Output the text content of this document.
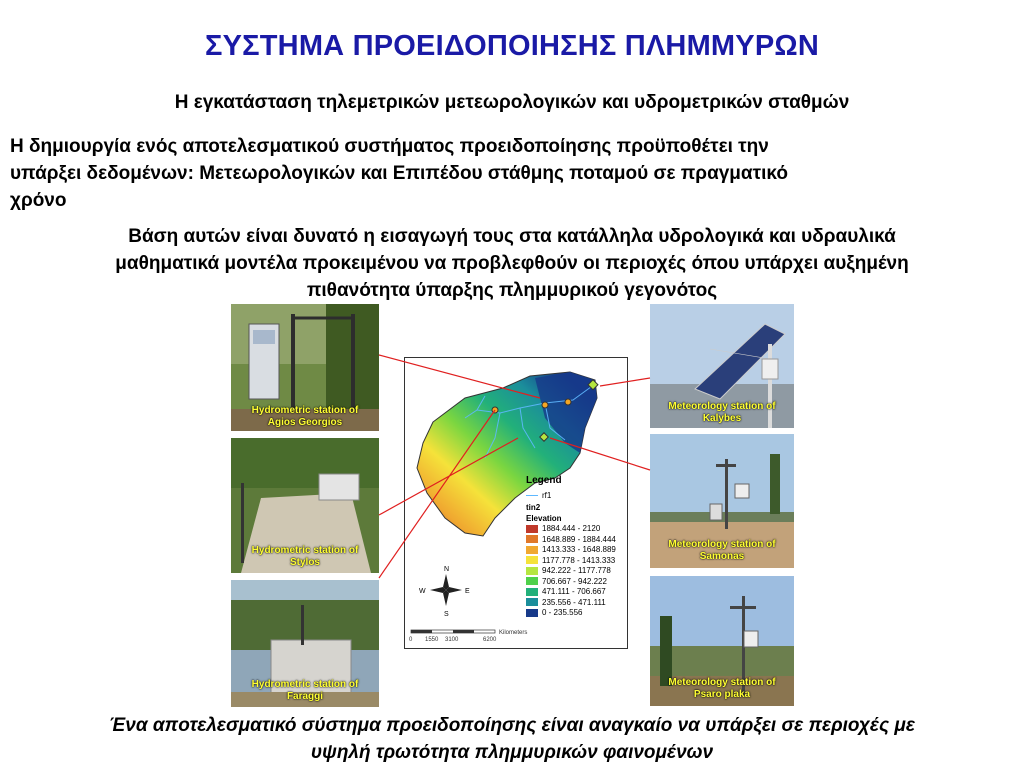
ΣΥΣΤΗΜΑ ΠΡΟΕΙΔΟΠΟΙΗΣΗΣ ΠΛΗΜΜΥΡΩΝ
Η εγκατάσταση τηλεμετρικών μετεωρολογικών και υδρομετρικών σταθμών
Η δημιουργία ενός αποτελεσματικού συστήματος προειδοποίησης προϋποθέτει την
υπάρξει δεδομένων: Μετεωρολογικών και Επιπέδου στάθμης ποταμού σε πραγματικό
χρόνο
Βάση αυτών είναι δυνατό η εισαγωγή τους στα κατάλληλα υδρολογικά και υδραυλικά
μαθηματικά μοντέλα προκειμένου να προβλεφθούν οι περιοχές όπου υπάρχει αυξημένη
πιθανότητα ύπαρξης πλημμυρικού γεγονότος
Hydrometric station of
Agios Georgios
Hydrometric station of
Stylos
Hydrometric station of
Faraggi
Meteorology station of
Kalybes
Meteorology station of
Samonas
Meteorology station of
Psaro plaka
N
S
E
W
0 1550 3100	6200
Kilometers
Legend
rf1
tin2
Elevation
1884.444 - 2120
1648.889 - 1884.444
1413.333 - 1648.889
1177.778 - 1413.333
942.222 - 1177.778
706.667 - 942.222
471.111 - 706.667
235.556 - 471.111
0 - 235.556
Ένα αποτελεσματικό σύστημα προειδοποίησης είναι αναγκαίο να υπάρξει σε περιοχές με
υψηλή τρωτότητα πλημμυρικών φαινομένων
